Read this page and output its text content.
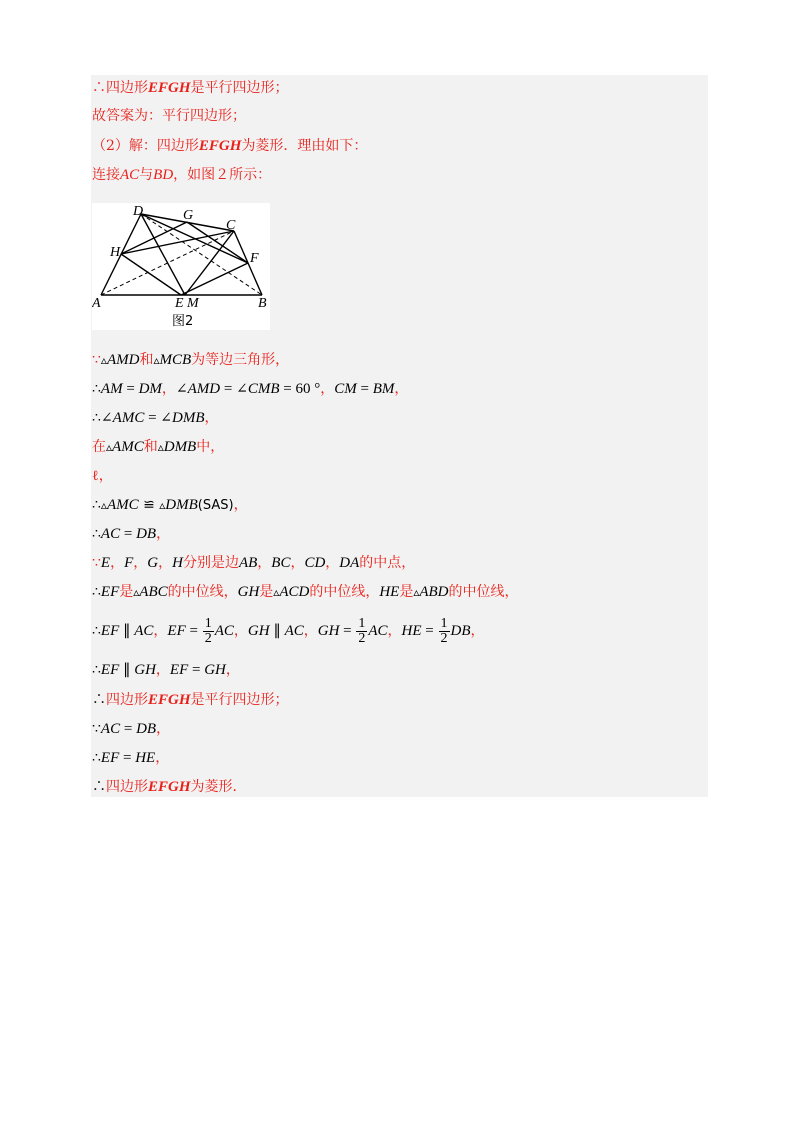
∴四边形EFGH是平行四边形；
故答案为：平行四边形；
（2）解：四边形EFGH为菱形．理由如下：
连接AC与BD，如图２所示：
A	B
C
D
E
F
G
H
M
图2
∵▵AMD和▵MCB为等边三角形，
∴AM = DM，∠AMD = ∠CMB = 60 °，CM = BM，
∴∠AMC = ∠DMB，
在▵AMC和▵DMB中，
ℓ，
∴▵AMC ≌ ▵DMB(SAS)，
∴AC = DB，
∵E，F，G，H分别是边AB，BC，CD，DA的中点，
∴EF是▵ABC的中位线，GH是▵ACD的中位线，HE是▵ABD的中位线，
∴EF ∥ AC，EF = $\frac{1}{2}$ AC，GH ∥ AC，GH = $\frac{1}{2}$ AC，HE = $\frac{1}{2}$ DB，
∴EF ∥ GH，EF = GH，
∴四边形EFGH是平行四边形；
∵AC = DB，
∴EF = HE，
∴四边形EFGH为菱形．
